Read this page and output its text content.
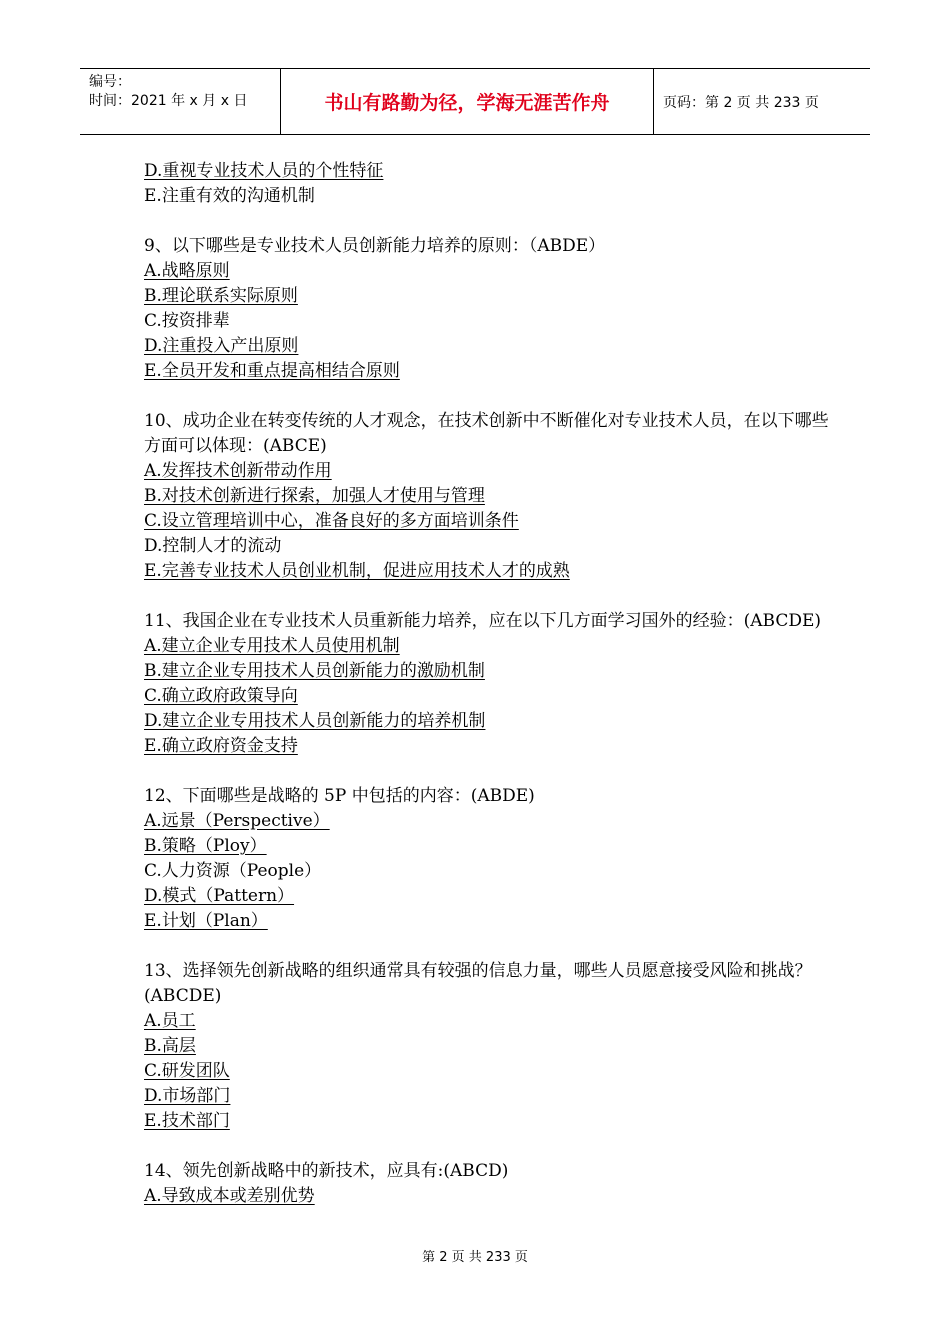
编号：
时间：2021 年 x 月 x 日	书山有路勤为径，学海无涯苦作舟	页码：第 2 页 共 233 页
D.重视专业技术人员的个性特征
E.注重有效的沟通机制
9、以下哪些是专业技术人员创新能力培养的原则：（ABDE）
A.战略原则
B.理论联系实际原则
C.按资排辈
D.注重投入产出原则
E.全员开发和重点提高相结合原则
10、成功企业在转变传统的人才观念，在技术创新中不断催化对专业技术人员，在以下哪些方面可以体现：(ABCE)
A.发挥技术创新带动作用
B.对技术创新进行探索，加强人才使用与管理
C.设立管理培训中心，准备良好的多方面培训条件
D.控制人才的流动
E.完善专业技术人员创业机制，促进应用技术人才的成熟
11、我国企业在专业技术人员重新能力培养，应在以下几方面学习国外的经验：(ABCDE)
A.建立企业专用技术人员使用机制
B.建立企业专用技术人员创新能力的激励机制
C.确立政府政策导向
D.建立企业专用技术人员创新能力的培养机制
E.确立政府资金支持
12、下面哪些是战略的 5P 中包括的内容：(ABDE)
A.远景（Perspective）
B.策略（Ploy）
C.人力资源（People）
D.模式（Pattern）
E.计划（Plan）
13、选择领先创新战略的组织通常具有较强的信息力量，哪些人员愿意接受风险和挑战？(ABCDE)
A.员工
B.高层
C.研发团队
D.市场部门
E.技术部门
14、领先创新战略中的新技术，应具有:(ABCD)
A.导致成本或差别优势
第 2 页 共 233 页
